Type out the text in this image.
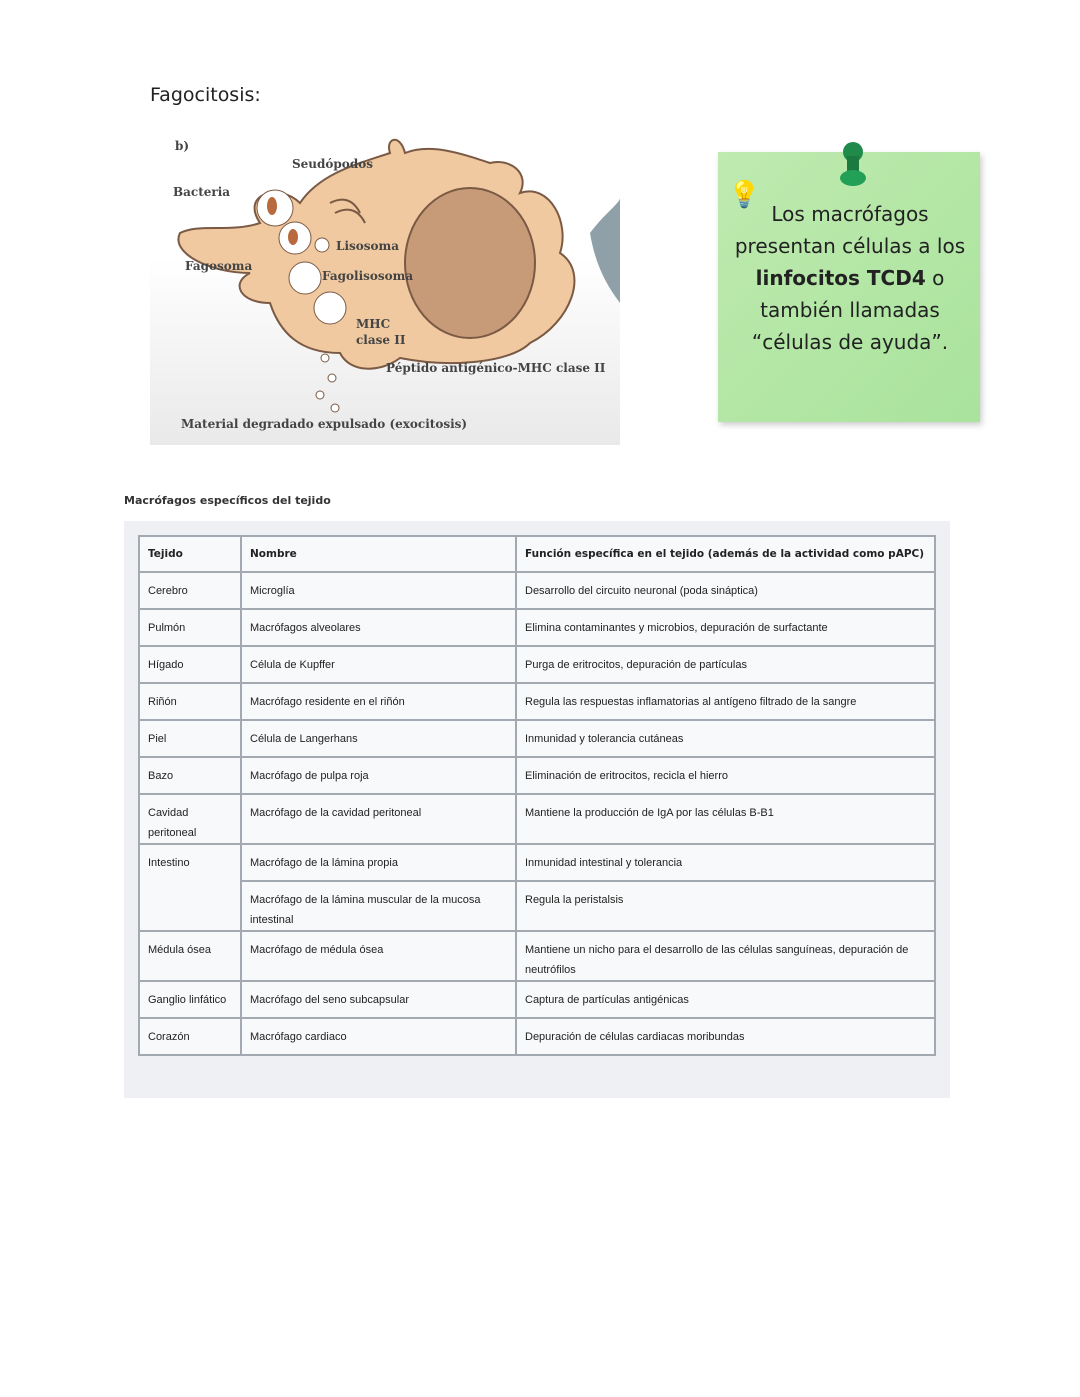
Fagocitosis:
b)
Seudópodos
Bacteria
Lisosoma
Fagosoma
Fagolisosoma
MHC
clase II
Péptido antigénico-MHC clase II
Material degradado expulsado (exocitosis)
Los macrófagos presentan células a los linfocitos TCD4 o también llamadas “células de ayuda”.
💡
Macrófagos específicos del tejido
Tejido	Nombre	Función específica en el tejido (además de la actividad como pAPC)
Cerebro	Microglía	Desarrollo del circuito neuronal (poda sináptica)
Pulmón	Macrófagos alveolares	Elimina contaminantes y microbios, depuración de surfactante
Hígado	Célula de Kupffer	Purga de eritrocitos, depuración de partículas
Riñón	Macrófago residente en el riñón	Regula las respuestas inflamatorias al antígeno filtrado de la sangre
Piel	Célula de Langerhans	Inmunidad y tolerancia cutáneas
Bazo	Macrófago de pulpa roja	Eliminación de eritrocitos, recicla el hierro
Cavidad peritoneal	Macrófago de la cavidad peritoneal	Mantiene la producción de IgA por las células B-B1
Intestino	Macrófago de la lámina propia	Inmunidad intestinal y tolerancia
	Macrófago de la lámina muscular de la mucosa intestinal	Regula la peristalsis
Médula ósea	Macrófago de médula ósea	Mantiene un nicho para el desarrollo de las células sanguíneas, depuración de neutrófilos
Ganglio linfático	Macrófago del seno subcapsular	Captura de partículas antigénicas
Corazón	Macrófago cardiaco	Depuración de células cardiacas moribundas
